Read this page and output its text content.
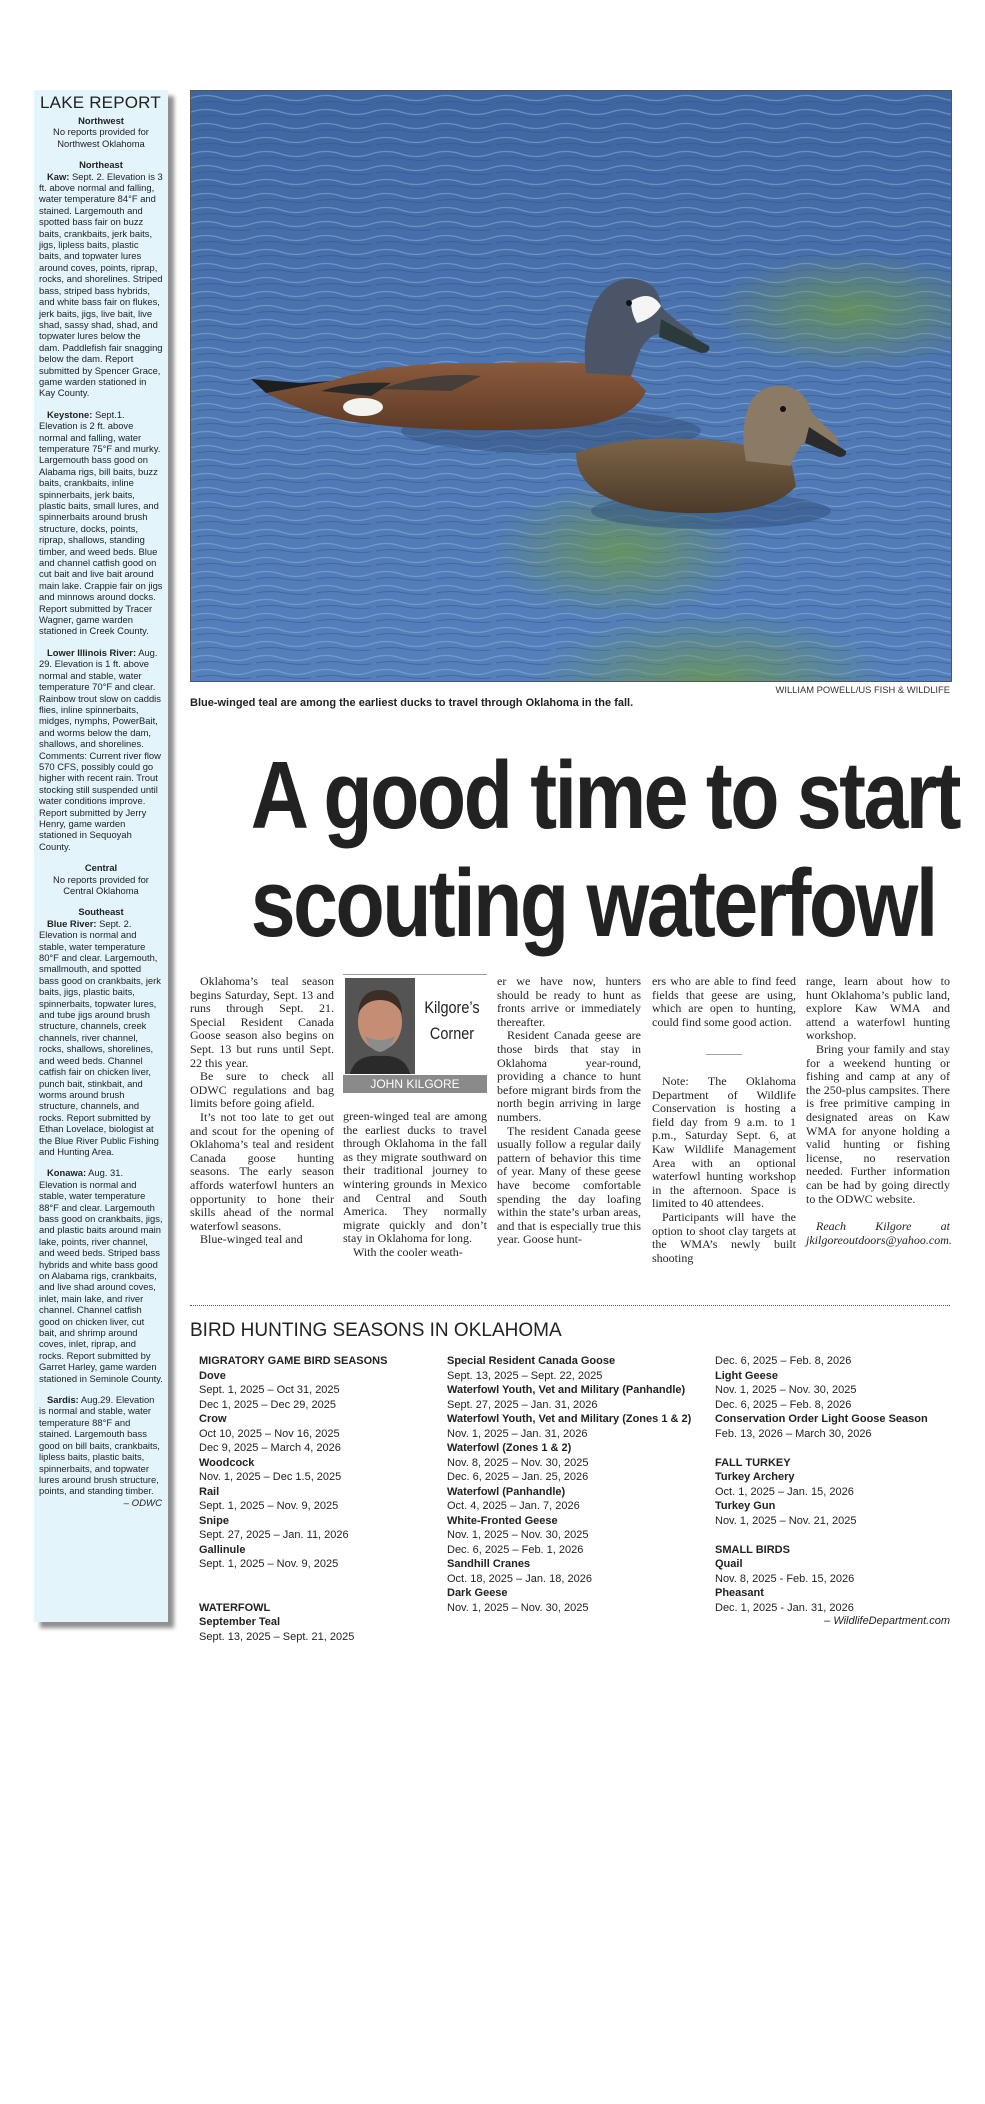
LAKE REPORT
Northwest
No reports provided for Northwest Oklahoma
Northeast
Kaw: Sept. 2. Elevation is 3 ft. above normal and falling, water temperature 84°F and stained. Largemouth and spotted bass fair on buzz baits, crankbaits, jerk baits, jigs, lipless baits, plastic baits, and topwater lures around coves, points, riprap, rocks, and shorelines. Striped bass, striped bass hybrids, and white bass fair on flukes, jerk baits, jigs, live bait, live shad, sassy shad, shad, and topwater lures below the dam. Paddlefish fair snagging below the dam. Report submitted by Spencer Grace, game warden stationed in Kay County.
Keystone: Sept.1. Elevation is 2 ft. above normal and falling, water temperature 75°F and murky. Largemouth bass good on Alabama rigs, bill baits, buzz baits, crankbaits, inline spinnerbaits, jerk baits, plastic baits, small lures, and spinnerbaits around brush structure, docks, points, riprap, shallows, standing timber, and weed beds. Blue and channel catfish good on cut bait and live bait around main lake. Crappie fair on jigs and minnows around docks. Report submitted by Tracer Wagner, game warden stationed in Creek County.
Lower Illinois River: Aug. 29. Elevation is 1 ft. above normal and stable, water temperature 70°F and clear. Rainbow trout slow on caddis flies, inline spinnerbaits, midges, nymphs, PowerBait, and worms below the dam, shallows, and shorelines. Comments: Current river flow 570 CFS, possibly could go higher with recent rain. Trout stocking still suspended until water conditions improve. Report submitted by Jerry Henry, game warden stationed in Sequoyah County.
Central
No reports provided for Central Oklahoma
Southeast
Blue River: Sept. 2. Elevation is normal and stable, water temperature 80°F and clear. Largemouth, smallmouth, and spotted bass good on crankbaits, jerk baits, jigs, plastic baits, spinnerbaits, topwater lures, and tube jigs around brush structure, channels, creek channels, river channel, rocks, shallows, shorelines, and weed beds. Channel catfish fair on chicken liver, punch bait, stinkbait, and worms around brush structure, channels, and rocks. Report submitted by Ethan Lovelace, biologist at the Blue River Public Fishing and Hunting Area.
Konawa: Aug. 31. Elevation is normal and stable, water temperature 88°F and clear. Largemouth bass good on crankbaits, jigs, and plastic baits around main lake, points, river channel, and weed beds. Striped bass hybrids and white bass good on Alabama rigs, crankbaits, and live shad around coves, inlet, main lake, and river channel. Channel catfish good on chicken liver, cut bait, and shrimp around coves, inlet, riprap, and rocks. Report submitted by Garret Harley, game warden stationed in Seminole County.
Sardis: Aug.29. Elevation is normal and stable, water temperature 88°F and stained. Largemouth bass good on bill baits, crankbaits, lipless baits, plastic baits, spinnerbaits, and topwater lures around brush structure, points, and standing timber.
– ODWC
WILLIAM POWELL/US FISH & WILDLIFE
Blue-winged teal are among the earliest ducks to travel through Oklahoma in the fall.
A good time to start
scouting waterfowl
Kilgore’s
Corner
JOHN KILGORE

Oklahoma’s teal season begins Saturday, Sept. 13 and runs through Sept. 21. Special Resident Canada Goose season also begins on Sept. 13 but runs until Sept. 22 this year.

Be sure to check all ODWC regulations and bag limits before going afield.

It’s not too late to get out and scout for the opening of Oklahoma’s teal and resident Canada goose hunting seasons. The early season affords waterfowl hunters an opportunity to hone their skills ahead of the normal waterfowl seasons.

Blue-winged teal and

green-winged teal are among the earliest ducks to travel through Oklahoma in the fall as they migrate southward on their traditional journey to wintering grounds in Mexico and Central and South America. They normally migrate quickly and don’t stay in Oklahoma for long.

With the cooler weath-

er we have now, hunters should be ready to hunt as fronts arrive or immediately thereafter.

Resident Canada geese are those birds that stay in Oklahoma year-round, providing a chance to hunt before migrant birds from the north begin arriving in large numbers.

The resident Canada geese usually follow a regular daily pattern of behavior this time of year. Many of these geese have become comfortable spending the day loafing within the state’s urban areas, and that is especially true this year. Goose hunt-

ers who are able to find feed fields that geese are using, which are open to hunting, could find some good action.

———

Note: The Oklahoma Department of Wildlife Conservation is hosting a field day from 9 a.m. to 1 p.m., Saturday Sept. 6, at Kaw Wildlife Management Area with an optional waterfowl hunting workshop in the afternoon. Space is limited to 40 attendees.

Participants will have the option to shoot clay targets at the WMA’s newly built shooting

range, learn about how to hunt Oklahoma’s public land, explore Kaw WMA and attend a waterfowl hunting workshop.

Bring your family and stay for a weekend hunting or fishing and camp at any of the 250-plus campsites. There is free primitive camping in designated areas on Kaw WMA for anyone holding a valid hunting or fishing license, no reservation needed. Further information can be had by going directly to the ODWC website.

Reach Kilgore at jkilgoreoutdoors@yahoo.com.

BIRD HUNTING SEASONS IN OKLAHOMA
MIGRATORY GAME BIRD SEASONS
Dove
Sept. 1, 2025 – Oct 31, 2025
Dec 1, 2025 – Dec 29, 2025
Crow
Oct 10, 2025 – Nov 16, 2025
Dec 9, 2025 – March 4, 2026
Woodcock
Nov. 1, 2025 – Dec 1.5, 2025
Rail
Sept. 1, 2025 – Nov. 9, 2025
Snipe
Sept. 27, 2025 – Jan. 11, 2026
Gallinule
Sept. 1, 2025 – Nov. 9, 2025
WATERFOWL
September Teal
Sept. 13, 2025 – Sept. 21, 2025
Special Resident Canada Goose
Sept. 13, 2025 – Sept. 22, 2025
Waterfowl Youth, Vet and Military (Panhandle)
Sept. 27, 2025 – Jan. 31, 2026
Waterfowl Youth, Vet and Military (Zones 1 & 2)
Nov. 1, 2025 – Jan. 31, 2026
Waterfowl (Zones 1 & 2)
Nov. 8, 2025 – Nov. 30, 2025
Dec. 6, 2025 – Jan. 25, 2026
Waterfowl (Panhandle)
Oct. 4, 2025 – Jan. 7, 2026
White-Fronted Geese
Nov. 1, 2025 – Nov. 30, 2025
Dec. 6, 2025 – Feb. 1, 2026
Sandhill Cranes
Oct. 18, 2025 – Jan. 18, 2026
Dark Geese
Nov. 1, 2025 – Nov. 30, 2025
Dec. 6, 2025 – Feb. 8, 2026
Light Geese
Nov. 1, 2025 – Nov. 30, 2025
Dec. 6, 2025 – Feb. 8, 2026
Conservation Order Light Goose Season
Feb. 13, 2026 – March 30, 2026
FALL TURKEY
Turkey Archery
Oct. 1, 2025 – Jan. 15, 2026
Turkey Gun
Nov. 1, 2025 – Nov. 21, 2025
SMALL BIRDS
Quail
Nov. 8, 2025 - Feb. 15, 2026
Pheasant
Dec. 1, 2025 - Jan. 31, 2026
– WildlifeDepartment.com
